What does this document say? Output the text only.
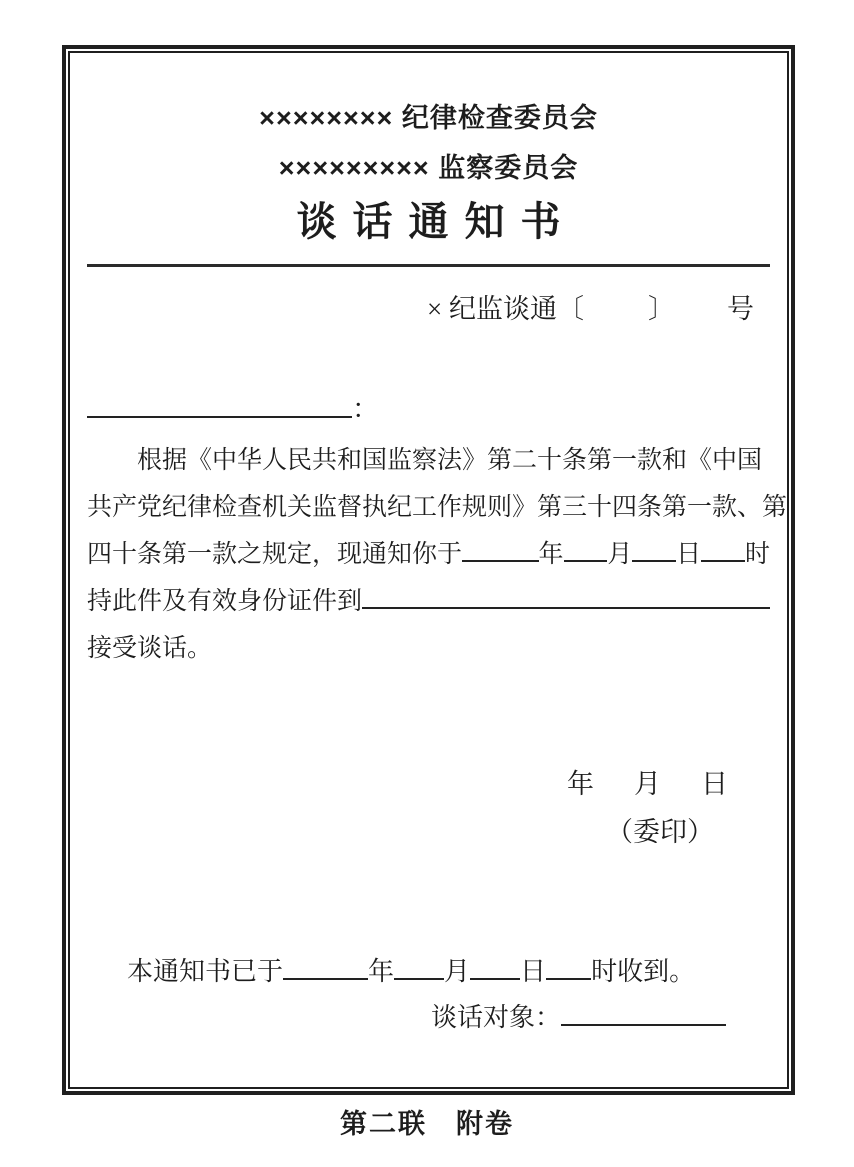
×××××××× 纪律检查委员会
××××××××× 监察委员会
谈话通知书
× 纪监谈通〔 〕 号
：
根据《中华人民共和国监察法》第二十条第一款和《中国
共产党纪律检查机关监督执纪工作规则》第三十四条第一款、第
四十条第一款之规定，现通知你于	年 月 日 时
持此件及有效身份证件到
接受谈话。
年 月 日
（委印）
本通知书已于	年 月 日 时收到。
谈话对象：
第二联　附卷
